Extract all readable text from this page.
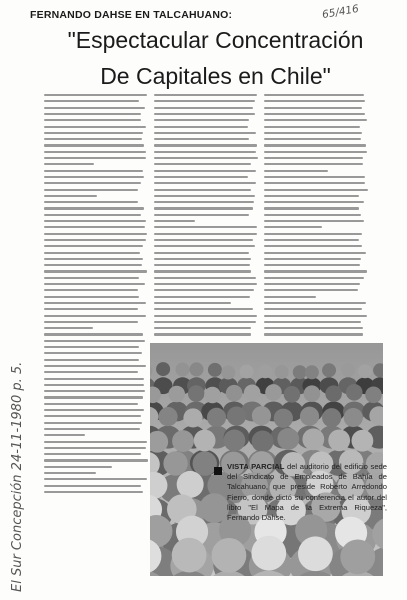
FERNANDO DAHSE EN TALCAHUANO:	65/416
"Espectacular Concentración
De Capitales en Chile"
El Sur Concepción 24-11-1980 p. 5.	VISTA PARCIAL del auditorio del edificio sede del Sindicato de Empleados de Bahía de Talcahuano, que preside Roberto Arredondo Fierro, donde dictó su conferencia el autor del libro "El Mapa de la Extrema Riqueza", Fernando Dahse.
